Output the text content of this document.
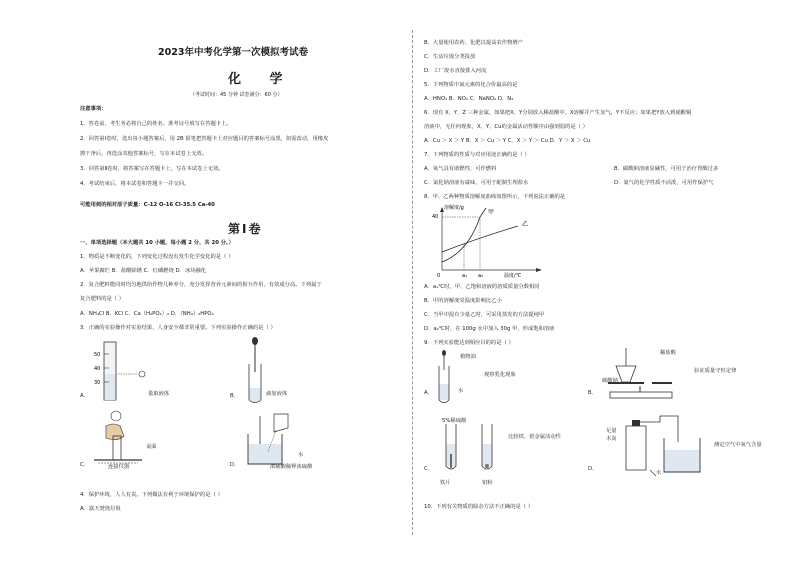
2023年中考化学第一次模拟考试卷
化 学
（考试时间：45 分钟 试卷满分：60 分）
注意事项：
1．答卷前，考生务必将自己的姓名、准考证号填写在答题卡上。
2．回答第Ⅰ卷时，选出每小题答案后，用 2B 铅笔把答题卡上对应题目的答案标号涂黑，如需改动，用橡皮
擦干净后，再选涂其他答案标号，写在本试卷上无效。
3．回答第Ⅱ卷时，将答案写在答题卡上，写在本试卷上无效。
4．考试结束后，将本试卷和答题卡一并交回。
可能用到的相对原子质量：C-12 O-16 Cl-35.5 Ca-40
第Ⅰ卷
一、单项选择题（本大题共 10 小题，每小题 2 分，共 20 分。）
1．物质是不断变化的，下列变化过程没有发生化学变化的是（ ）
A．苹果腐烂 B．盐酸除锈 C．红磷燃烧 D．冰块融化
2．复合肥料能同时均匀地供给作物几种养分，充分发挥营养元素间的相互作用，有效成分高。下列属于
复合肥料的是（ ）
A．NH₄Cl B．KCl C．Ca（H₂PO₄）₂ D．（NH₄）₂HPO₄
3．正确的实验操作对实验结果、人身安全都非常重要。下列实验操作正确的是（ ）
A．
50
40
30
量取液体	B．	滴加液体
C．
桌面
连接仪器	D．
水
浓硫酸稀释浓硫酸
4．保护环境，人人有责。下列做法有利于环境保护的是（ ）
A．露天焚烧垃圾
B．大量使用农药、化肥以提高农作物增产
C．生活垃圾分类投放
D．工厂废水直接排入河流
5．下列物质中氮元素的化合价最高的是
A．HNO₃ B．NO₂ C．NaNO₂ D．N₂
6．现有 X、Y、Z 三种金属，如果把X、Y分别放入稀盐酸中，X溶解并产生氢气，Y不反应；如果把Y放入到硝酸铜
溶液中，无任何现象，X、Y、Cu的金属活动性顺序由强到弱的是（ ）
A．Cu ＞ X ＞ Y B．X ＞ Cu ＞ Y C．X ＞ Y ＞ Cu D．Y ＞ X ＞ Cu
7．下列物质的性质与对应用途正确的是（ ）
A．氧气具有助燃性，可作燃料	B．碳酸钠溶液显碱性，可用于治疗胃酸过多
C．氯化钠溶液有咸味，可用于配制生理盐水	D．氮气的化学性质不活泼，可用作保护气
8．甲、乙两种物质溶解度曲线如图所示，下列说法正确的是
溶解度/g
40
0	a₁ a₂	温度/℃
甲
乙
A．a₁℃时，甲、乙饱和溶液的溶质质量分数相同
B．甲的溶解度受温度影响比乙小
C．当甲中混有少量乙时，可采用蒸发的方法提纯甲
D．a₂℃时，在 100g 水中加入 30g 甲，形成饱和溶液
9．下列实验能达到相应目的的是（ ）
A．
植物油
水
观察乳化现象
B．
稀盐酸
碳酸钠
验证质量守恒定律
C．
5%稀硫酸
铁片	铝粉
比较铁、铝金属活动性
D．
足量
木炭
水
测定空气中氧气含量
10．下列有关物质的除杂方法不正确的是（ ）
